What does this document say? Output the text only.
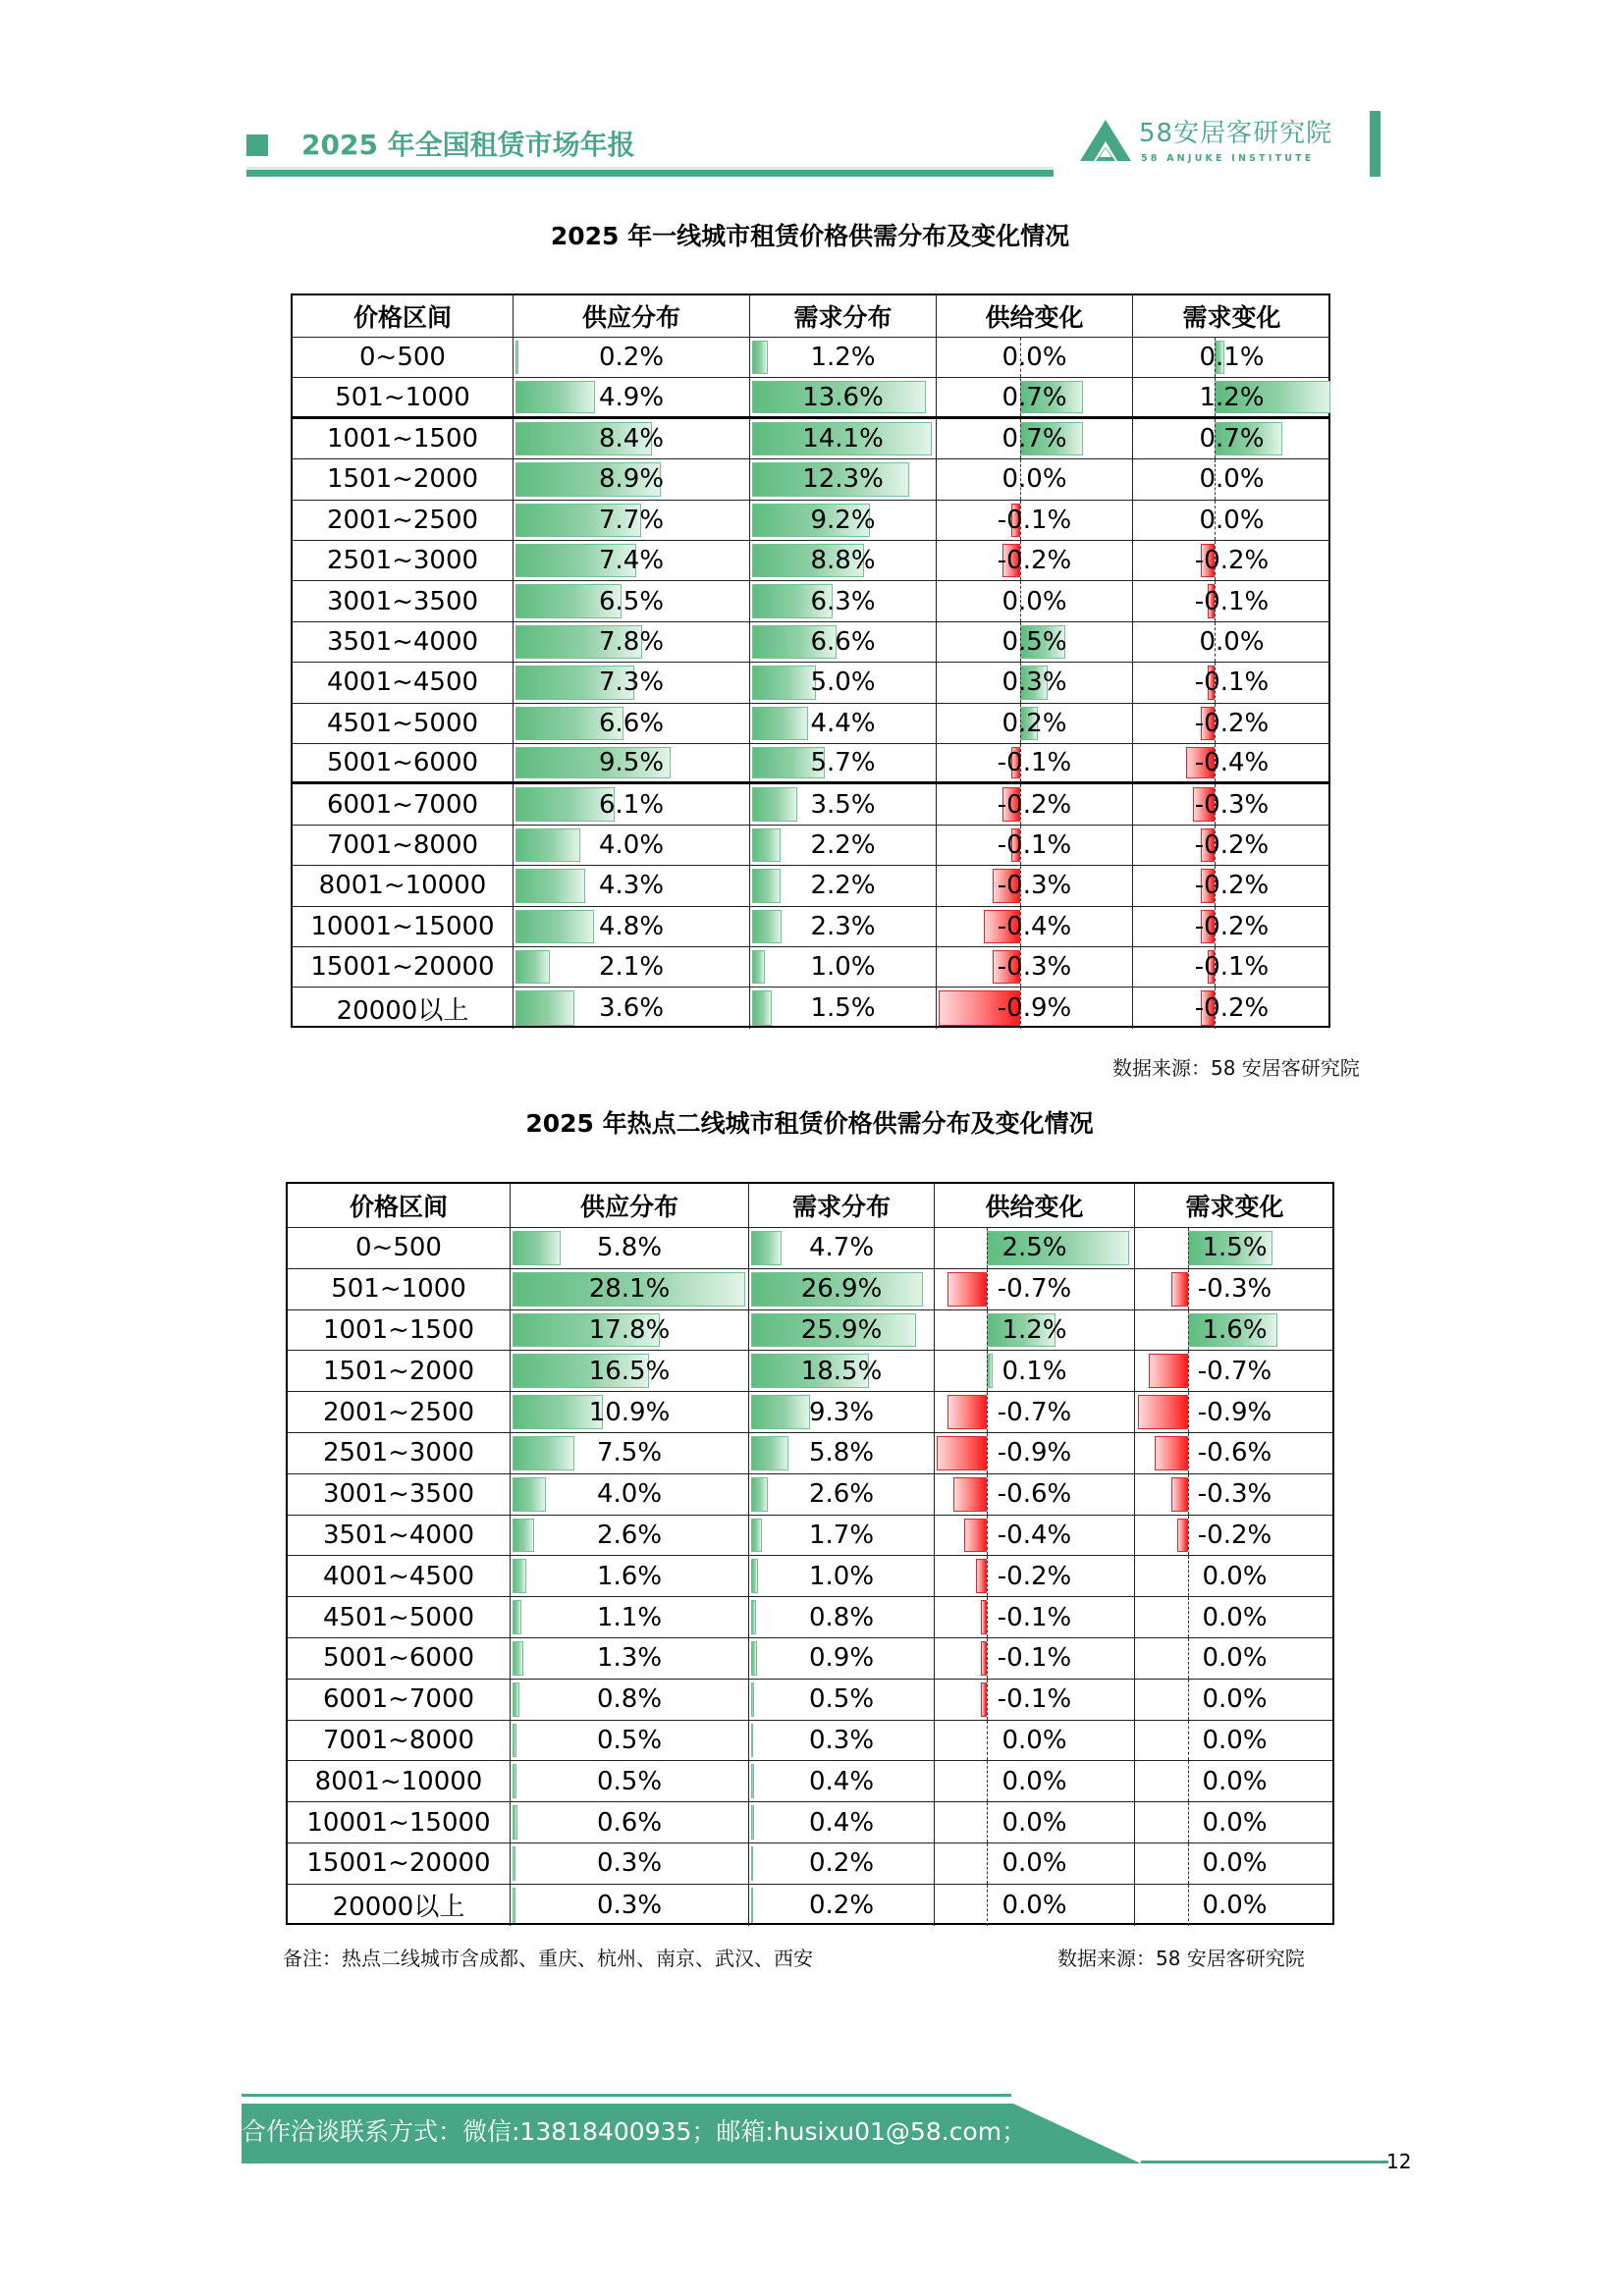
2025 年全国租赁市场年报	58安居客研究院
58 ANJUKE INSTITUTE
2025 年一线城市租赁价格供需分布及变化情况
价格区间	供应分布	需求分布	供给变化	需求变化
0~500	0.2%	1.2%	0.0%	0.1%
501~1000	4.9%	13.6%	0.7%	1.2%
1001~1500	8.4%	14.1%	0.7%	0.7%
1501~2000	8.9%	12.3%	0.0%	0.0%
2001~2500	7.7%	9.2%	-0.1%	0.0%
2501~3000	7.4%	8.8%	-0.2%	-0.2%
3001~3500	6.5%	6.3%	0.0%	-0.1%
3501~4000	7.8%	6.6%	0.5%	0.0%
4001~4500	7.3%	5.0%	0.3%	-0.1%
4501~5000	6.6%	4.4%	0.2%	-0.2%
5001~6000	9.5%	5.7%	-0.1%	-0.4%
6001~7000	6.1%	3.5%	-0.2%	-0.3%
7001~8000	4.0%	2.2%	-0.1%	-0.2%
8001~10000	4.3%	2.2%	-0.3%	-0.2%
10001~15000	4.8%	2.3%	-0.4%	-0.2%
15001~20000	2.1%	1.0%	-0.3%	-0.1%
20000以上	3.6%	1.5%	-0.9%	-0.2%
数据来源：58 安居客研究院
2025 年热点二线城市租赁价格供需分布及变化情况
价格区间	供应分布	需求分布	供给变化	需求变化
0~500	5.8%	4.7%	2.5%	1.5%
501~1000	28.1%	26.9%	-0.7%	-0.3%
1001~1500	17.8%	25.9%	1.2%	1.6%
1501~2000	16.5%	18.5%	0.1%	-0.7%
2001~2500	10.9%	9.3%	-0.7%	-0.9%
2501~3000	7.5%	5.8%	-0.9%	-0.6%
3001~3500	4.0%	2.6%	-0.6%	-0.3%
3501~4000	2.6%	1.7%	-0.4%	-0.2%
4001~4500	1.6%	1.0%	-0.2%	0.0%
4501~5000	1.1%	0.8%	-0.1%	0.0%
5001~6000	1.3%	0.9%	-0.1%	0.0%
6001~7000	0.8%	0.5%	-0.1%	0.0%
7001~8000	0.5%	0.3%	0.0%	0.0%
8001~10000	0.5%	0.4%	0.0%	0.0%
10001~15000	0.6%	0.4%	0.0%	0.0%
15001~20000	0.3%	0.2%	0.0%	0.0%
20000以上	0.3%	0.2%	0.0%	0.0%
备注：热点二线城市含成都、重庆、杭州、南京、武汉、西安	数据来源：58 安居客研究院
合作洽谈联系方式：微信:13818400935；邮箱:husixu01@58.com；
12
